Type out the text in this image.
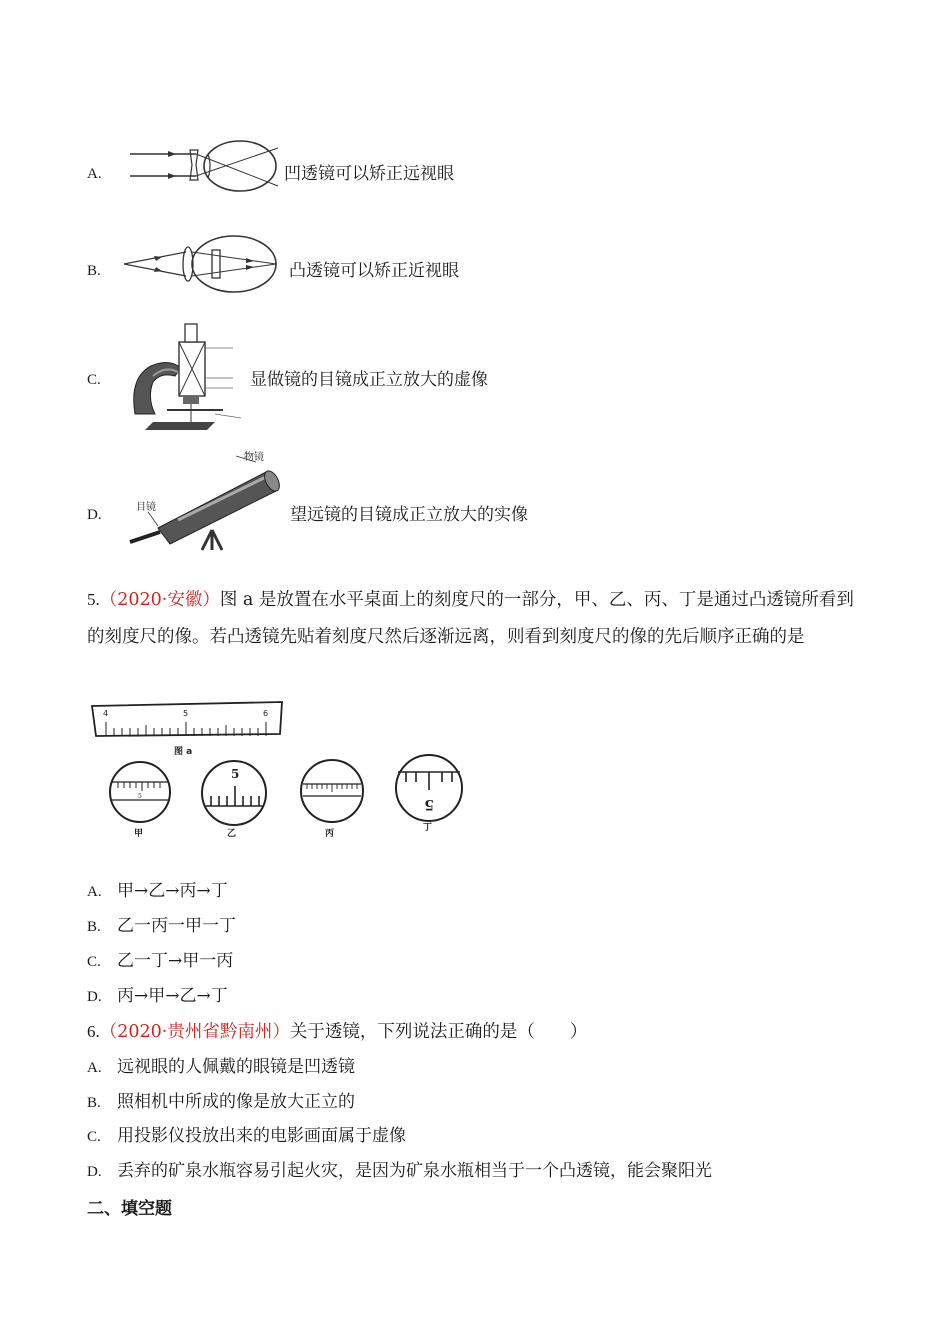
A.	凹透镜可以矫正远视眼
B.	凸透镜可以矫正近视眼
C.	显做镜的目镜成正立放大的虚像
D.
物镜
目镜	望远镜的目镜成正立放大的实像
5.（2020·安徽）图 a 是放置在水平桌面上的刻度尺的一部分，甲、乙、丙、丁是通过凸透镜所看到的刻度尺的像。若凸透镜先贴着刻度尺然后逐渐远离，则看到刻度尺的像的先后顺序正确的是
4	5	6
图 a
5
甲
5
乙	丙
5
丁
A. 甲→乙→丙→丁
B. 乙一丙一甲一丁
C. 乙一丁→甲一丙
D. 丙→甲→乙→丁
6.（2020·贵州省黔南州）关于透镜，下列说法正确的是（　　）
A. 远视眼的人佩戴的眼镜是凹透镜
B. 照相机中所成的像是放大正立的
C. 用投影仪投放出来的电影画面属于虚像
D. 丢弃的矿泉水瓶容易引起火灾，是因为矿泉水瓶相当于一个凸透镜，能会聚阳光
二、填空题
